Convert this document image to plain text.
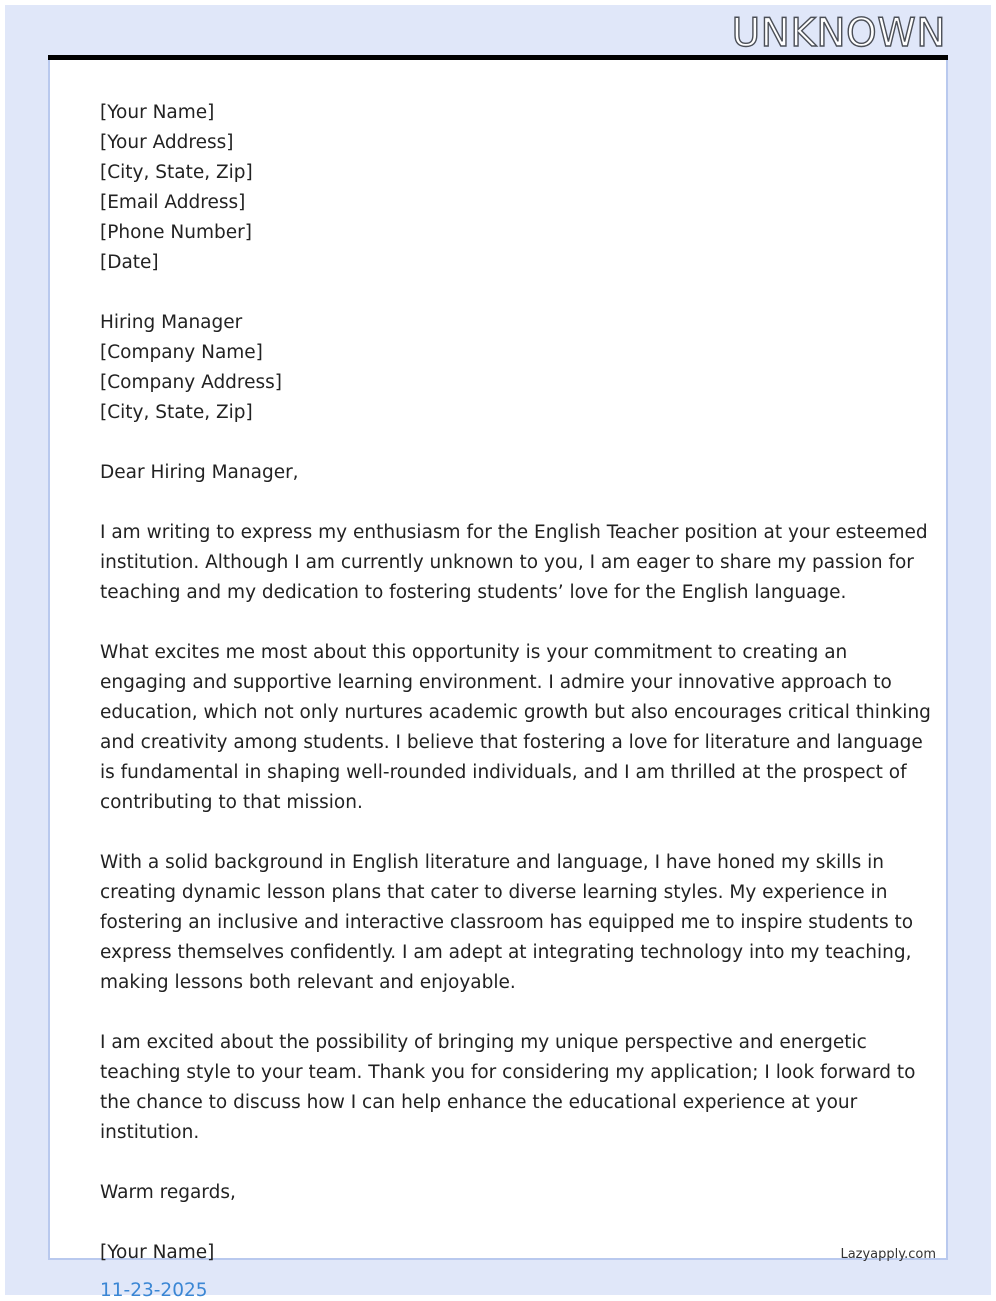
UNKNOWN
[Your Name]
[Your Address]
[City, State, Zip]
[Email Address]
[Phone Number]
[Date]
Hiring Manager
[Company Name]
[Company Address]
[City, State, Zip]
Dear Hiring Manager,
I am writing to express my enthusiasm for the English Teacher position at your esteemed
institution. Although I am currently unknown to you, I am eager to share my passion for
teaching and my dedication to fostering students’ love for the English language.
What excites me most about this opportunity is your commitment to creating an
engaging and supportive learning environment. I admire your innovative approach to
education, which not only nurtures academic growth but also encourages critical thinking
and creativity among students. I believe that fostering a love for literature and language
is fundamental in shaping well-rounded individuals, and I am thrilled at the prospect of
contributing to that mission.
With a solid background in English literature and language, I have honed my skills in
creating dynamic lesson plans that cater to diverse learning styles. My experience in
fostering an inclusive and interactive classroom has equipped me to inspire students to
express themselves confidently. I am adept at integrating technology into my teaching,
making lessons both relevant and enjoyable.
I am excited about the possibility of bringing my unique perspective and energetic
teaching style to your team. Thank you for considering my application; I look forward to
the chance to discuss how I can help enhance the educational experience at your
institution.
Warm regards,
[Your Name]	Lazyapply.com
11-23-2025
